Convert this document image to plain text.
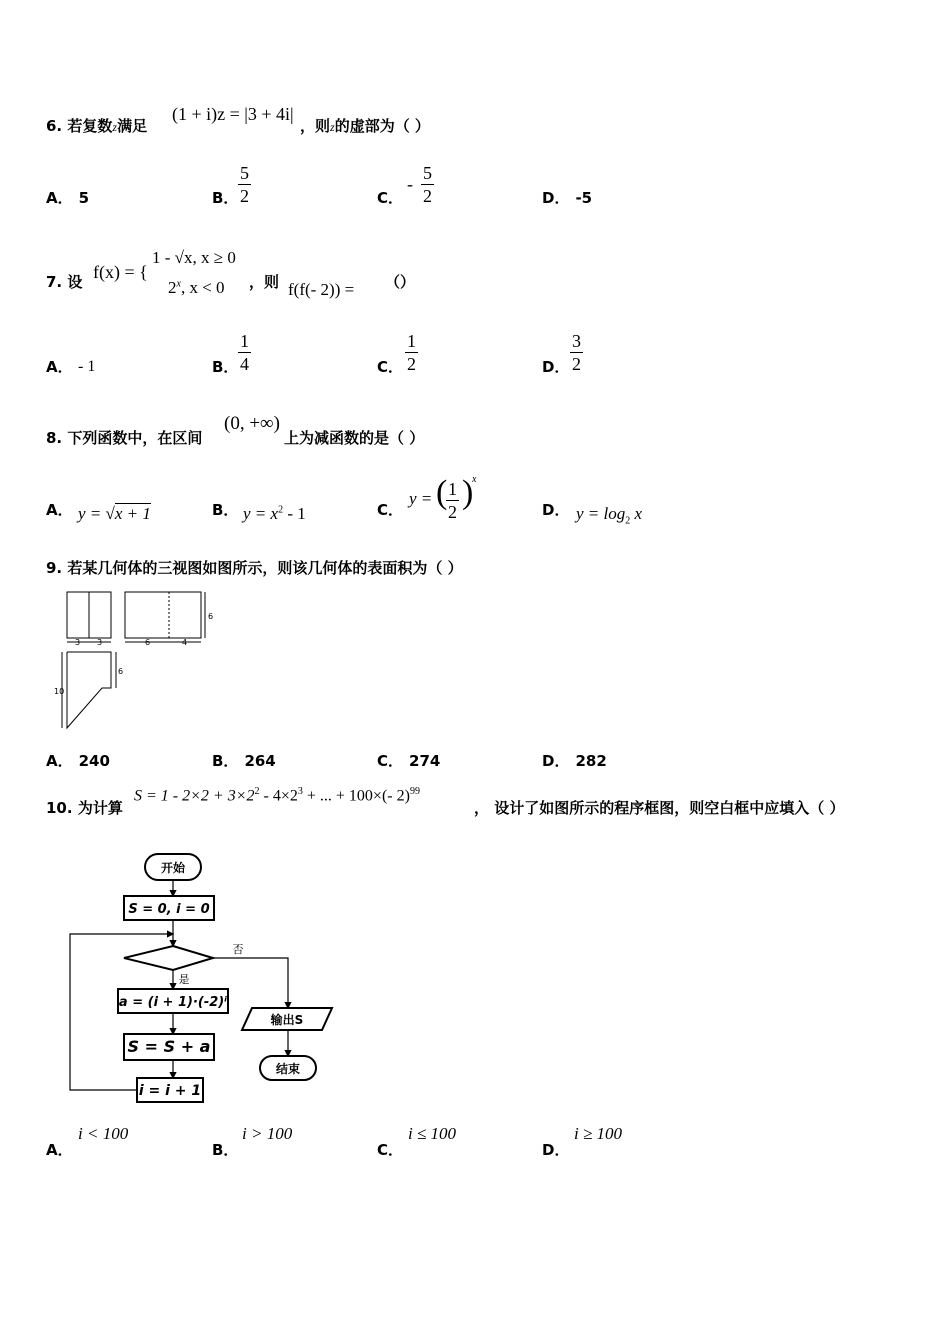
6. 若复数z满足
(1 + i)z = |3 + 4i|
，则z的虚部为（ ）
A． 5	B． $\frac{5}{2}$	C．
- $\frac{5}{2}$	D． -5
7. 设 f(x) = {
1 - √x, x ≥ 0
2$^x$, x < 0 ，则 f(f(- 2)) = （）
A． - 1	B． $\frac{1}{4}$	C． $\frac{1}{2}$	D． $\frac{3}{2}$
8. 下列函数中，在区间
(0, +∞)
上为减函数的是（ ）
A． y = √x + 1	B． $y = x^2 - 1$	C．
y = (
$\frac{1}{2}$ )
x
D． $y = \log_2 x$
9. 若某几何体的三视图如图所示，则该几何体的表面积为（ ）
3 3	6	4
6
10
6
A． 240	B． 264	C． 274	D． 282
10. 为计算
$S = 1 - 2\times 2 + 3\times 2^2 - 4\times 2^3$ + ... + 100×(- 2)$^{99}$
， 设计了如图所示的程序框图，则空白框中应填入（ ）
开始
S = 0, i = 0
否
是
a = (i + 1)·(-2)ⁱ
S = S + a
i = i + 1
输出S
结束
A．
i < 100
B．
i > 100
C．
i ≤ 100
D．
i ≥ 100
